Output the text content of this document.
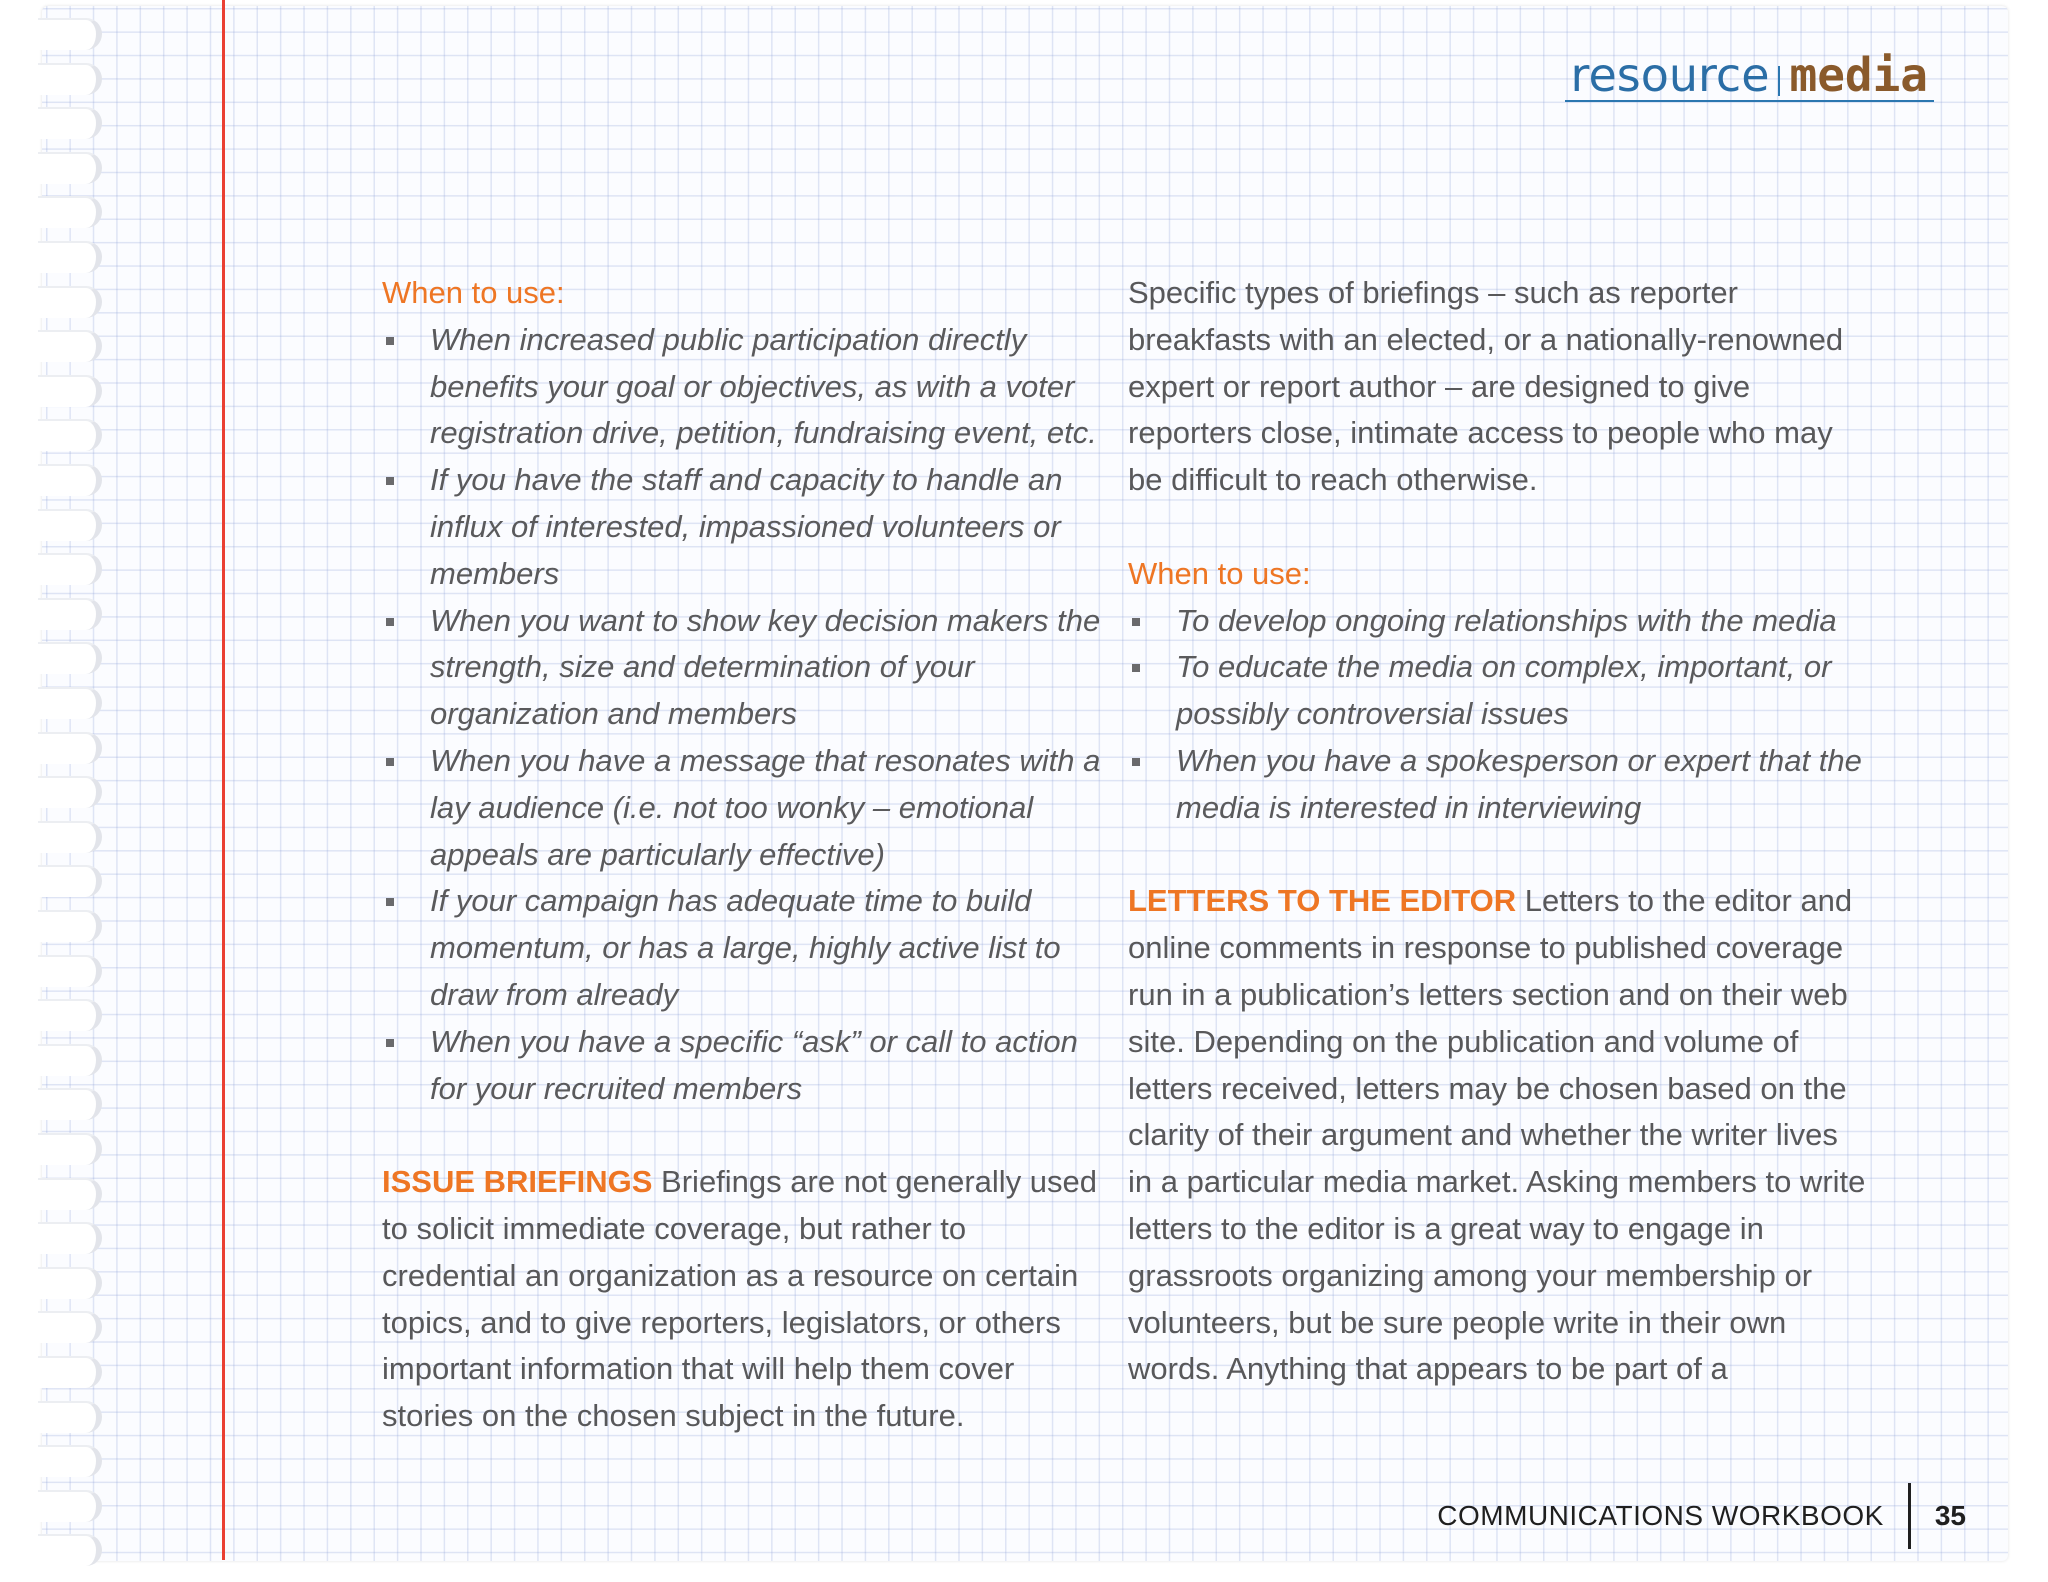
resource media

When to use:

When increased public participation directly benefits your goal or objectives, as with a voter registration drive, petition, fundraising event, etc.
If you have the staff and capacity to handle an influx of interested, impassioned volunteers or members
When you want to show key decision makers the strength, size and determination of your organization and members
When you have a message that resonates with a lay audience (i.e. not too wonky – emotional appeals are particularly effective)
If your campaign has adequate time to build momentum, or has a large, highly active list to draw from already
When you have a specific “ask” or call to action for your recruited members

ISSUE BRIEFINGS Briefings are not generally used to solicit immediate coverage, but rather to credential an organization as a resource on certain topics, and to give reporters, legislators, or others important information that will help them cover stories on the chosen subject in the future.

Specific types of briefings – such as reporter breakfasts with an elected, or a nationally-renowned expert or report author – are designed to give reporters close, intimate access to people who may be difficult to reach otherwise.

When to use:

To develop ongoing relationships with the media
To educate the media on complex, important, or possibly controversial issues
When you have a spokesperson or expert that the media is interested in interviewing

LETTERS TO THE EDITOR Letters to the editor and online comments in response to published coverage run in a publication’s letters section and on their web site. Depending on the publication and volume of letters received, letters may be chosen based on the clarity of their argument and whether the writer lives in a particular media market. Asking members to write letters to the editor is a great way to engage in grassroots organizing among your membership or volunteers, but be sure people write in their own words. Anything that appears to be part of a

COMMUNICATIONS WORKBOOK 35
